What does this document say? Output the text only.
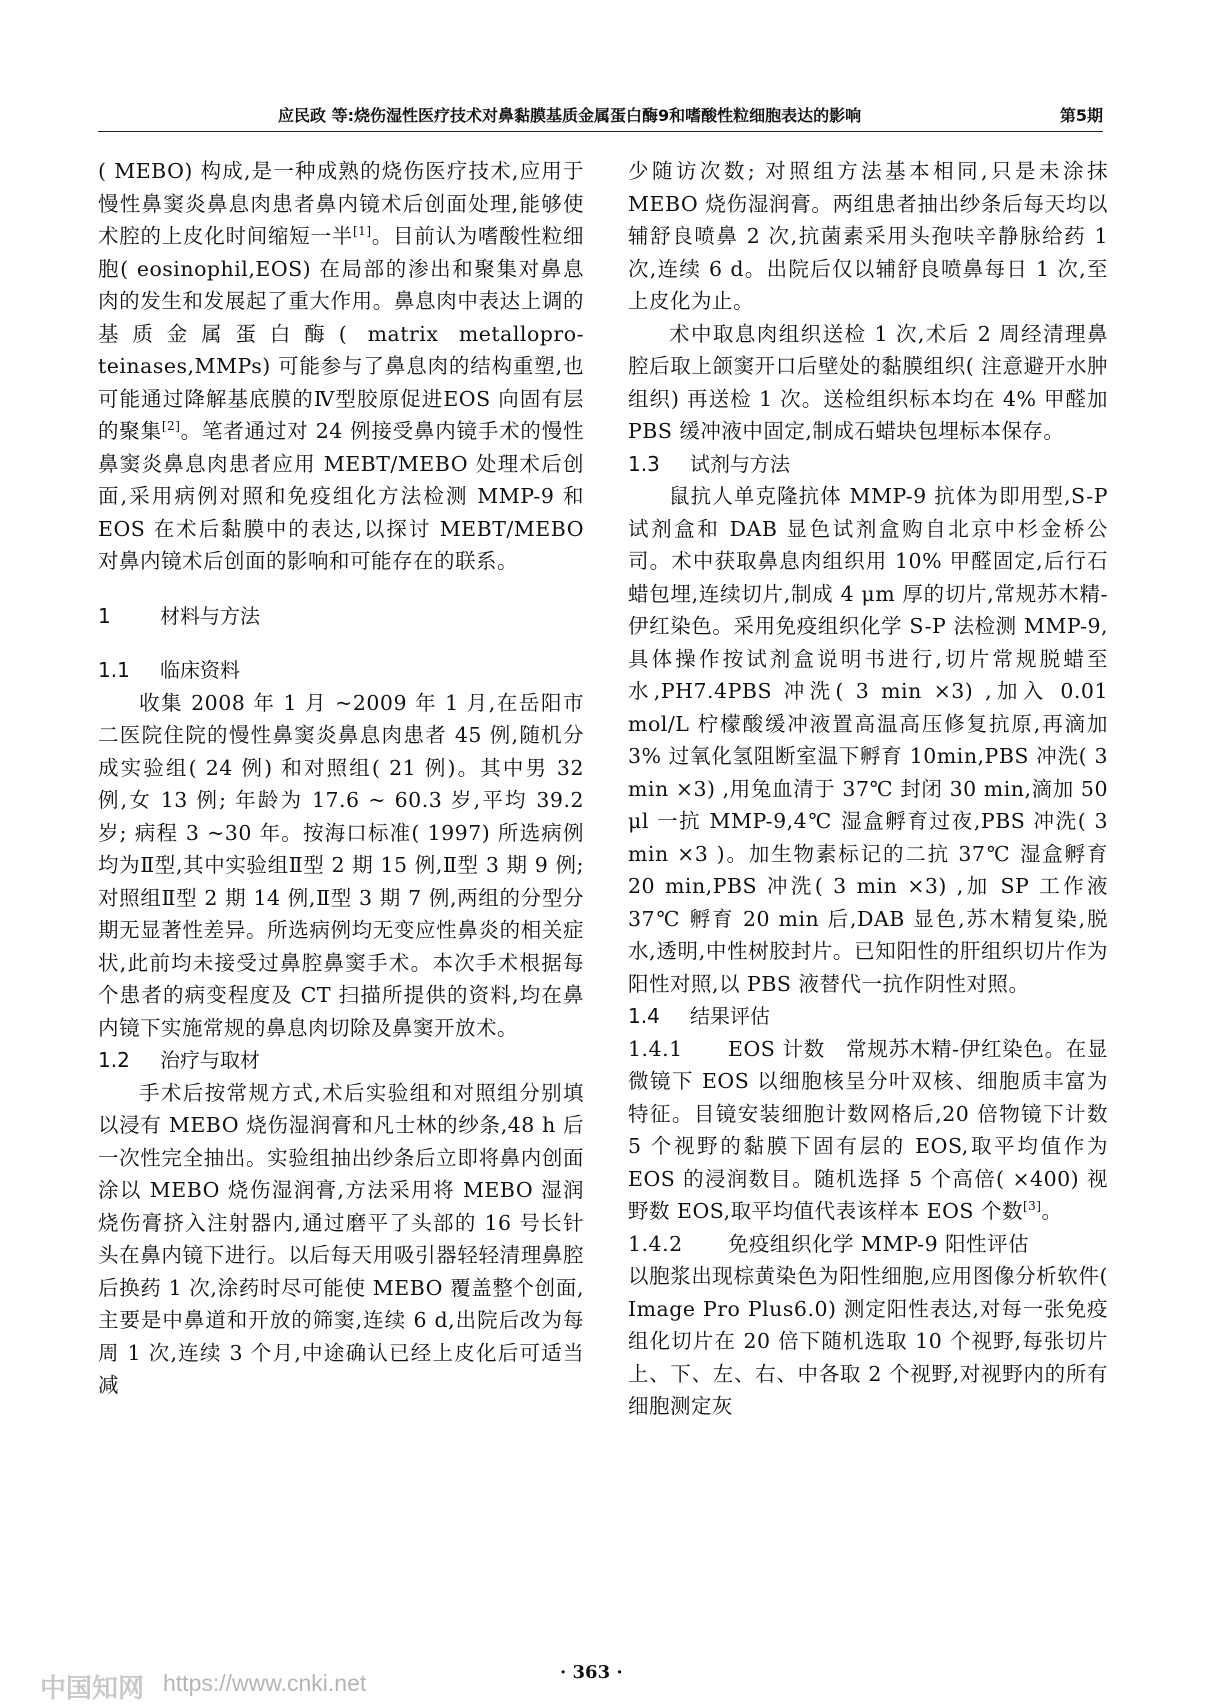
应民政 等:烧伤湿性医疗技术对鼻黏膜基质金属蛋白酶9和嗜酸性粒细胞表达的影响	第5期

( MEBO) 构成,是一种成熟的烧伤医疗技术,应用于慢性鼻窦炎鼻息肉患者鼻内镜术后创面处理,能够使术腔的上皮化时间缩短一半[1]。目前认为嗜酸性粒细胞( eosinophil,EOS) 在局部的渗出和聚集对鼻息肉的发生和发展起了重大作用。鼻息肉中表达上调的基质金属蛋白酶( matrix metallopro-teinases,MMPs) 可能参与了鼻息肉的结构重塑,也可能通过降解基底膜的Ⅳ型胶原促进EOS 向固有层的聚集[2]。笔者通过对 24 例接受鼻内镜手术的慢性鼻窦炎鼻息肉患者应用 MEBT/MEBO 处理术后创面,采用病例对照和免疫组化方法检测 MMP-9 和 EOS 在术后黏膜中的表达,以探讨 MEBT/MEBO 对鼻内镜术后创面的影响和可能存在的联系。

1 材料与方法
1.1 临床资料

收集 2008 年 1 月 ~2009 年 1 月,在岳阳市二医院住院的慢性鼻窦炎鼻息肉患者 45 例,随机分成实验组( 24 例) 和对照组( 21 例)。其中男 32 例,女 13 例; 年龄为 17.6 ~ 60.3 岁,平均 39.2 岁; 病程 3 ~30 年。按海口标准( 1997) 所选病例均为Ⅱ型,其中实验组Ⅱ型 2 期 15 例,Ⅱ型 3 期 9 例; 对照组Ⅱ型 2 期 14 例,Ⅱ型 3 期 7 例,两组的分型分期无显著性差异。所选病例均无变应性鼻炎的相关症状,此前均未接受过鼻腔鼻窦手术。本次手术根据每个患者的病变程度及 CT 扫描所提供的资料,均在鼻内镜下实施常规的鼻息肉切除及鼻窦开放术。

1.2 治疗与取材

手术后按常规方式,术后实验组和对照组分别填以浸有 MEBO 烧伤湿润膏和凡士林的纱条,48 h 后一次性完全抽出。实验组抽出纱条后立即将鼻内创面涂以 MEBO 烧伤湿润膏,方法采用将 MEBO 湿润烧伤膏挤入注射器内,通过磨平了头部的 16 号长针头在鼻内镜下进行。以后每天用吸引器轻轻清理鼻腔后换药 1 次,涂药时尽可能使 MEBO 覆盖整个创面,主要是中鼻道和开放的筛窦,连续 6 d,出院后改为每周 1 次,连续 3 个月,中途确认已经上皮化后可适当减

少随访次数; 对照组方法基本相同,只是未涂抹 MEBO 烧伤湿润膏。两组患者抽出纱条后每天均以辅舒良喷鼻 2 次,抗菌素采用头孢呋辛静脉给药 1 次,连续 6 d。出院后仅以辅舒良喷鼻每日 1 次,至上皮化为止。

术中取息肉组织送检 1 次,术后 2 周经清理鼻腔后取上颌窦开口后壁处的黏膜组织( 注意避开水肿组织) 再送检 1 次。送检组织标本均在 4% 甲醛加 PBS 缓冲液中固定,制成石蜡块包埋标本保存。

1.3 试剂与方法

鼠抗人单克隆抗体 MMP-9 抗体为即用型,S-P 试剂盒和 DAB 显色试剂盒购自北京中杉金桥公司。术中获取鼻息肉组织用 10% 甲醛固定,后行石蜡包埋,连续切片,制成 4 μm 厚的切片,常规苏木精-伊红染色。采用免疫组织化学 S-P 法检测 MMP-9,具体操作按试剂盒说明书进行,切片常规脱蜡至水,PH7.4PBS 冲洗( 3 min ×3) ,加入 0.01 mol/L 柠檬酸缓冲液置高温高压修复抗原,再滴加 3% 过氧化氢阻断室温下孵育 10min,PBS 冲洗( 3 min ×3) ,用兔血清于 37℃ 封闭 30 min,滴加 50 μl 一抗 MMP-9,4℃ 湿盒孵育过夜,PBS 冲洗( 3 min ×3 )。加生物素标记的二抗 37℃ 湿盒孵育 20 min,PBS 冲洗( 3 min ×3) ,加 SP 工作液 37℃ 孵育 20 min 后,DAB 显色,苏木精复染,脱水,透明,中性树胶封片。已知阳性的肝组织切片作为阳性对照,以 PBS 液替代一抗作阴性对照。

1.4 结果评估

1.4.1 EOS 计数　 常规苏木精-伊红染色。在显微镜下 EOS 以细胞核呈分叶双核、细胞质丰富为特征。目镜安装细胞计数网格后,20 倍物镜下计数 5 个视野的黏膜下固有层的 EOS,取平均值作为 EOS 的浸润数目。随机选择 5 个高倍( ×400) 视野数 EOS,取平均值代表该样本 EOS 个数[3]。

1.4.2 免疫组织化学 MMP-9 阳性评估

以胞浆出现棕黄染色为阳性细胞,应用图像分析软件( Image Pro Plus6.0) 测定阳性表达,对每一张免疫组化切片在 20 倍下随机选取 10 个视野,每张切片上、下、左、右、中各取 2 个视野,对视野内的所有细胞测定灰

· 363 ·
中国知网 https://www.cnki.net
